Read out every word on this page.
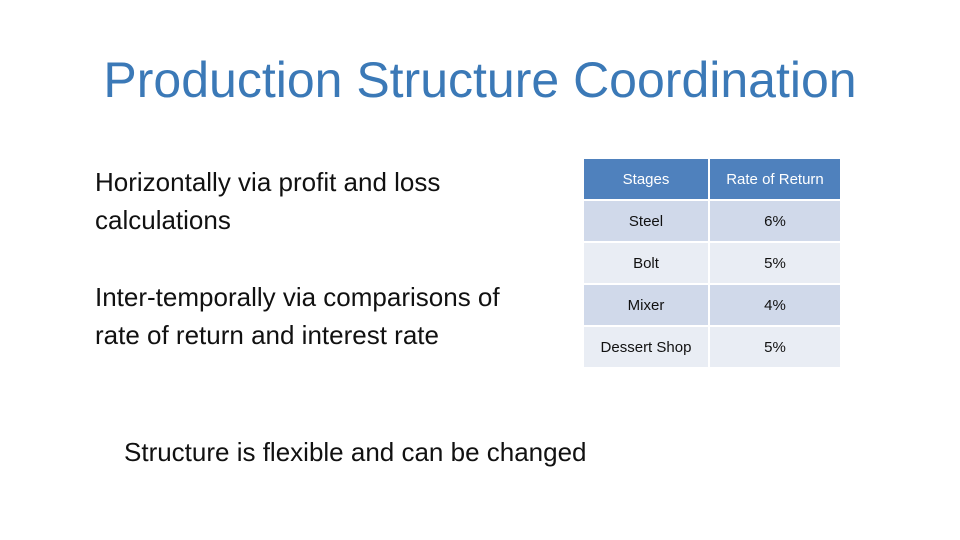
Production Structure Coordination
Horizontally via profit and loss calculations
Inter-temporally via comparisons of rate of return and interest rate
Stages	Rate of Return
Steel	6%
Bolt	5%
Mixer	4%
Dessert Shop	5%
Structure is flexible and can be changed
